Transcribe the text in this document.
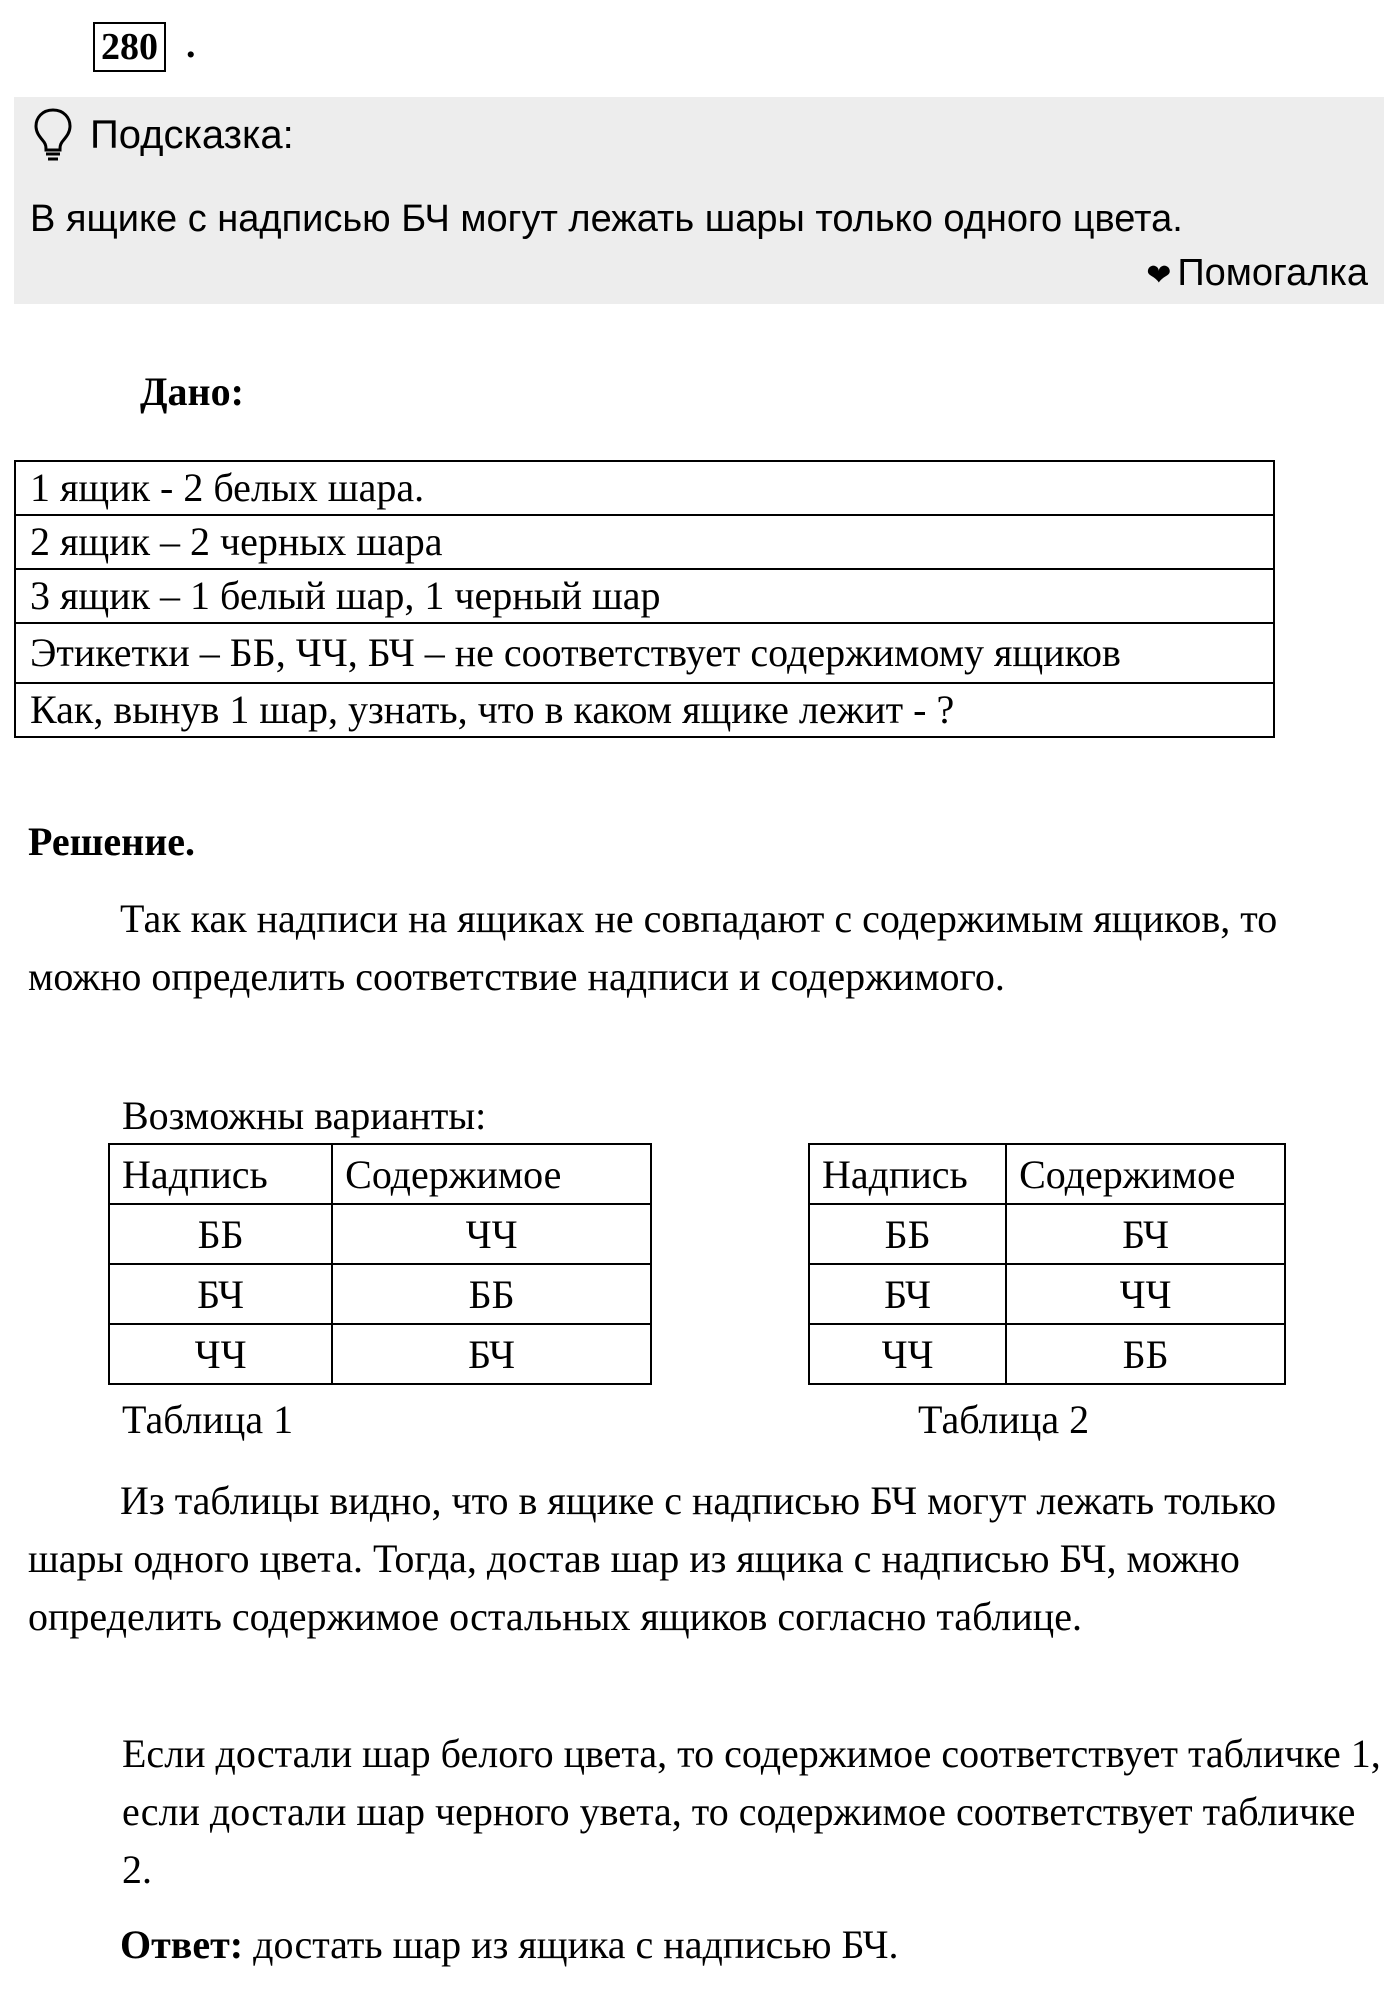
280 .
Подсказка:
В ящике с надписью БЧ могут лежать шары только одного цвета.
❤ Помогалка
Дано:
1 ящик - 2 белых шара.
2 ящик – 2 черных шара
3 ящик – 1 белый шар, 1 черный шар
Этикетки – ББ, ЧЧ, БЧ – не соответствует содержимому ящиков
Как, вынув 1 шар, узнать, что в каком ящике лежит - ?
Решение.
Так как надписи на ящиках не совпадают с содержимым ящиков, то можно определить соответствие надписи и содержимого.
Возможны варианты:
Надпись	Содержимое
ББ	ЧЧ
БЧ	ББ
ЧЧ	БЧ
Надпись	Содержимое
ББ	БЧ
БЧ	ЧЧ
ЧЧ	ББ
Таблица 1	Таблица 2
Из таблицы видно, что в ящике с надписью БЧ могут лежать только шары одного цвета. Тогда, достав шар из ящика с надписью БЧ, можно определить содержимое остальных ящиков согласно таблице.
Если достали шар белого цвета, то содержимое соответствует табличке 1, если достали шар черного увета, то содержимое соответствует табличке 2.
Ответ: достать шар из ящика с надписью БЧ.
